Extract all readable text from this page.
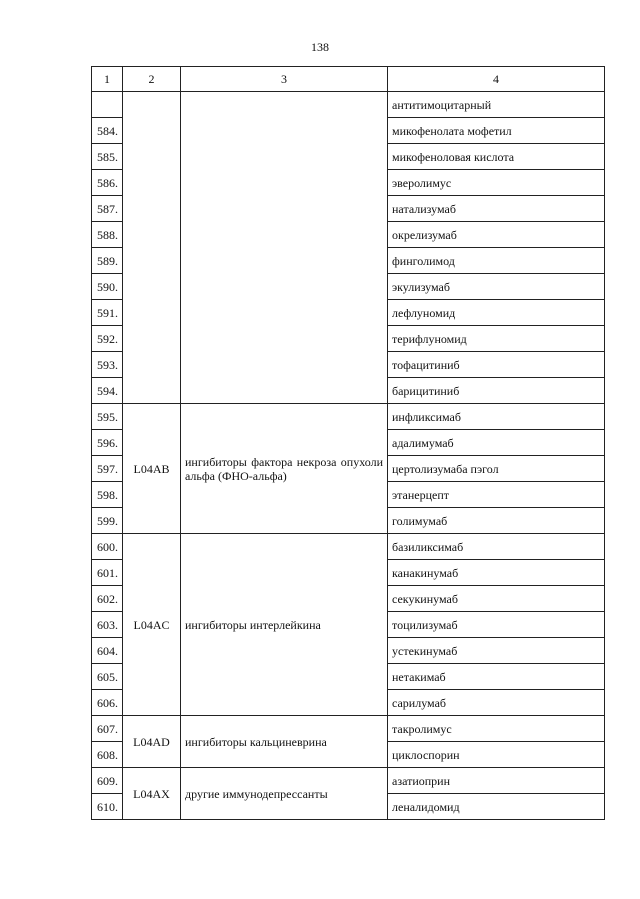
138
1	2	3	4
			антитимоцитарный
584.			микофенолата мофетил
585.			микофеноловая кислота
586.			эверолимус
587.			натализумаб
588.			окрелизумаб
589.			финголимод
590.			экулизумаб
591.			лефлуномид
592.			терифлуномид
593.			тофацитиниб
594.			барицитиниб
595.	L04AB	ингибиторы фактора некроза опухоли альфа (ФНО-альфа)	инфликсимаб
596.			адалимумаб
597.			цертолизумаба пэгол
598.			этанерцепт
599.			голимумаб
600.	L04AC	ингибиторы интерлейкина	базиликсимаб
601.			канакинумаб
602.			секукинумаб
603.			тоцилизумаб
604.			устекинумаб
605.			нетакимаб
606.			сарилумаб
607.	L04AD	ингибиторы кальциневрина	такролимус
608.			циклоспорин
609.	L04AX	другие иммунодепрессанты	азатиоприн
610.			леналидомид
